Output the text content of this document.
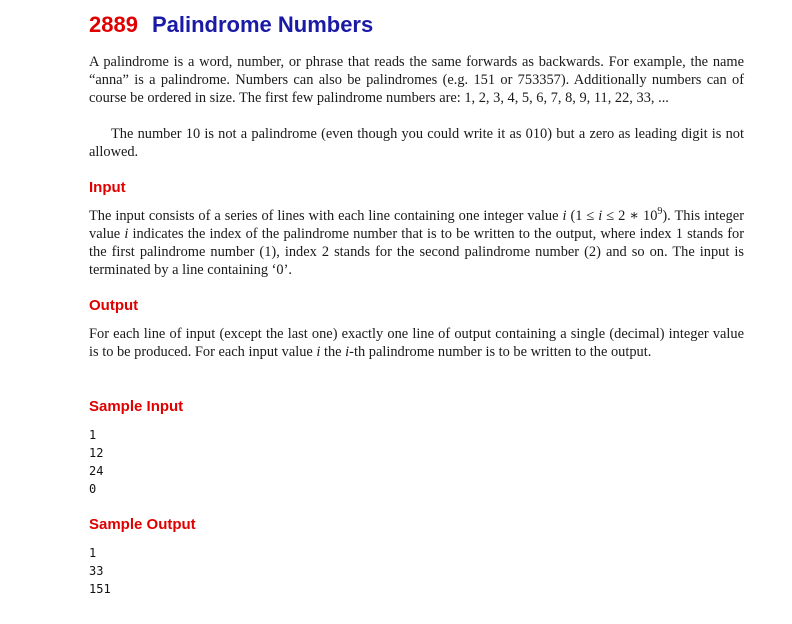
2889 Palindrome Numbers

A palindrome is a word, number, or phrase that reads the same forwards as backwards. For example, the name “anna” is a palindrome. Numbers can also be palindromes (e.g. 151 or 753357). Additionally numbers can of course be ordered in size. The first few palindrome numbers are: 1, 2, 3, 4, 5, 6, 7, 8, 9, 11, 22, 33, ...

The number 10 is not a palindrome (even though you could write it as 010) but a zero as leading digit is not allowed.

Input

The input consists of a series of lines with each line containing one integer value i (1 ≤ i ≤ 2 ∗ $10^9$). This integer value i indicates the index of the palindrome number that is to be written to the output, where index 1 stands for the first palindrome number (1), index 2 stands for the second palindrome number (2) and so on. The input is terminated by a line containing ‘0’.

Output

For each line of input (except the last one) exactly one line of output containing a single (decimal) integer value is to be produced. For each input value i the i-th palindrome number is to be written to the output.

Sample Input
1
12
24
0
Sample Output
1
33
151
